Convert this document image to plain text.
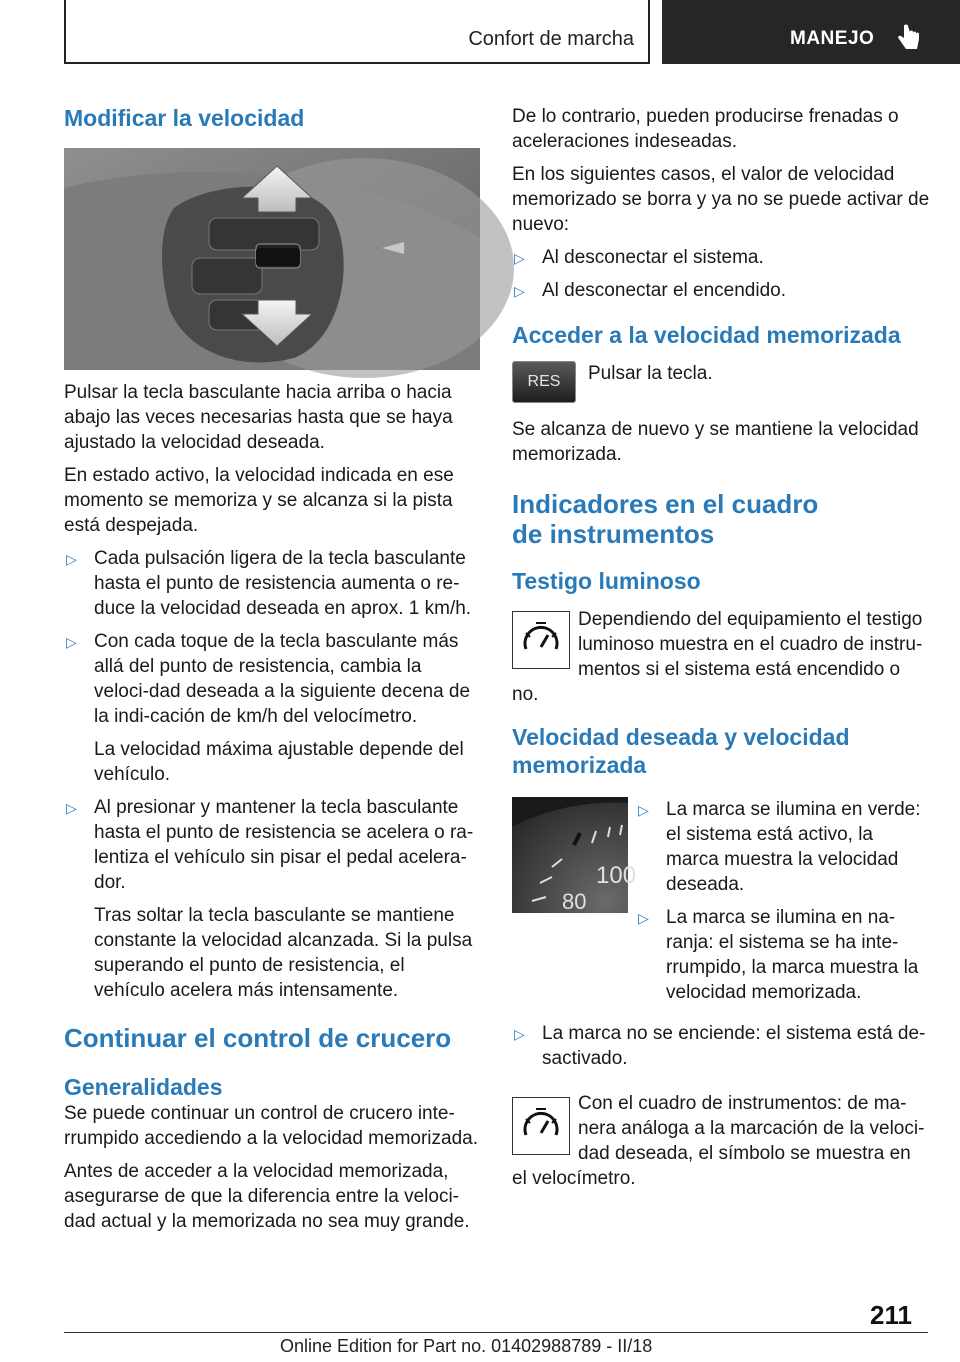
Confort de marcha	MANEJO
Modificar la velocidad

Pulsar la tecla basculante hacia arriba o hacia abajo las veces necesarias hasta que se haya ajustado la velocidad deseada.

En estado activo, la velocidad indicada en ese momento se memoriza y se alcanza si la pista está despejada.

▷ Cada pulsación ligera de la tecla basculante hasta el punto de resistencia aumenta o re‐duce la velocidad deseada en aprox. 1 km/h.
▷ Con cada toque de la tecla basculante más allá del punto de resistencia, cambia la veloci‐dad deseada a la siguiente decena de la indi‐cación de km/h del velocímetro.

La velocidad máxima ajustable depende del vehículo.

▷ Al presionar y mantener la tecla basculante hasta el punto de resistencia se acelera o ra‐lentiza el vehículo sin pisar el pedal acelera‐dor.

Tras soltar la tecla basculante se mantiene constante la velocidad alcanzada. Si la pulsa superando el punto de resistencia, el vehículo acelera más intensamente.

Continuar el control de crucero
Generalidades

Se puede continuar un control de crucero inte‐rrumpido accediendo a la velocidad memorizada.

Antes de acceder a la velocidad memorizada, asegurarse de que la diferencia entre la veloci‐dad actual y la memorizada no sea muy grande.

De lo contrario, pueden producirse frenadas o aceleraciones indeseadas.

En los siguientes casos, el valor de velocidad memorizado se borra y ya no se puede activar de nuevo:

▷ Al desconectar el sistema.
▷ Al desconectar el encendido.
Acceder a la velocidad memorizada
RES	Pulsar la tecla.

Se alcanza de nuevo y se mantiene la velocidad memorizada.

Indicadores en el cuadro
de instrumentos
Testigo luminoso

Dependiendo del equipamiento el testigo luminoso muestra en el cuadro de instru‐mentos si el sistema está encendido o

no.

Velocidad deseada y velocidad
memorizada
100
80
▷ La marca se ilumina en verde: el sistema está activo, la marca muestra la velocidad deseada.
▷ La marca se ilumina en na‐ranja: el sistema se ha inte‐rrumpido, la marca muestra la velocidad memorizada.
▷ La marca no se enciende: el sistema está de‐sactivado.

Con el cuadro de instrumentos: de ma‐nera análoga a la marcación de la veloci‐dad deseada, el símbolo se muestra en

el velocímetro.

211
Online Edition for Part no. 01402988789 - II/18
